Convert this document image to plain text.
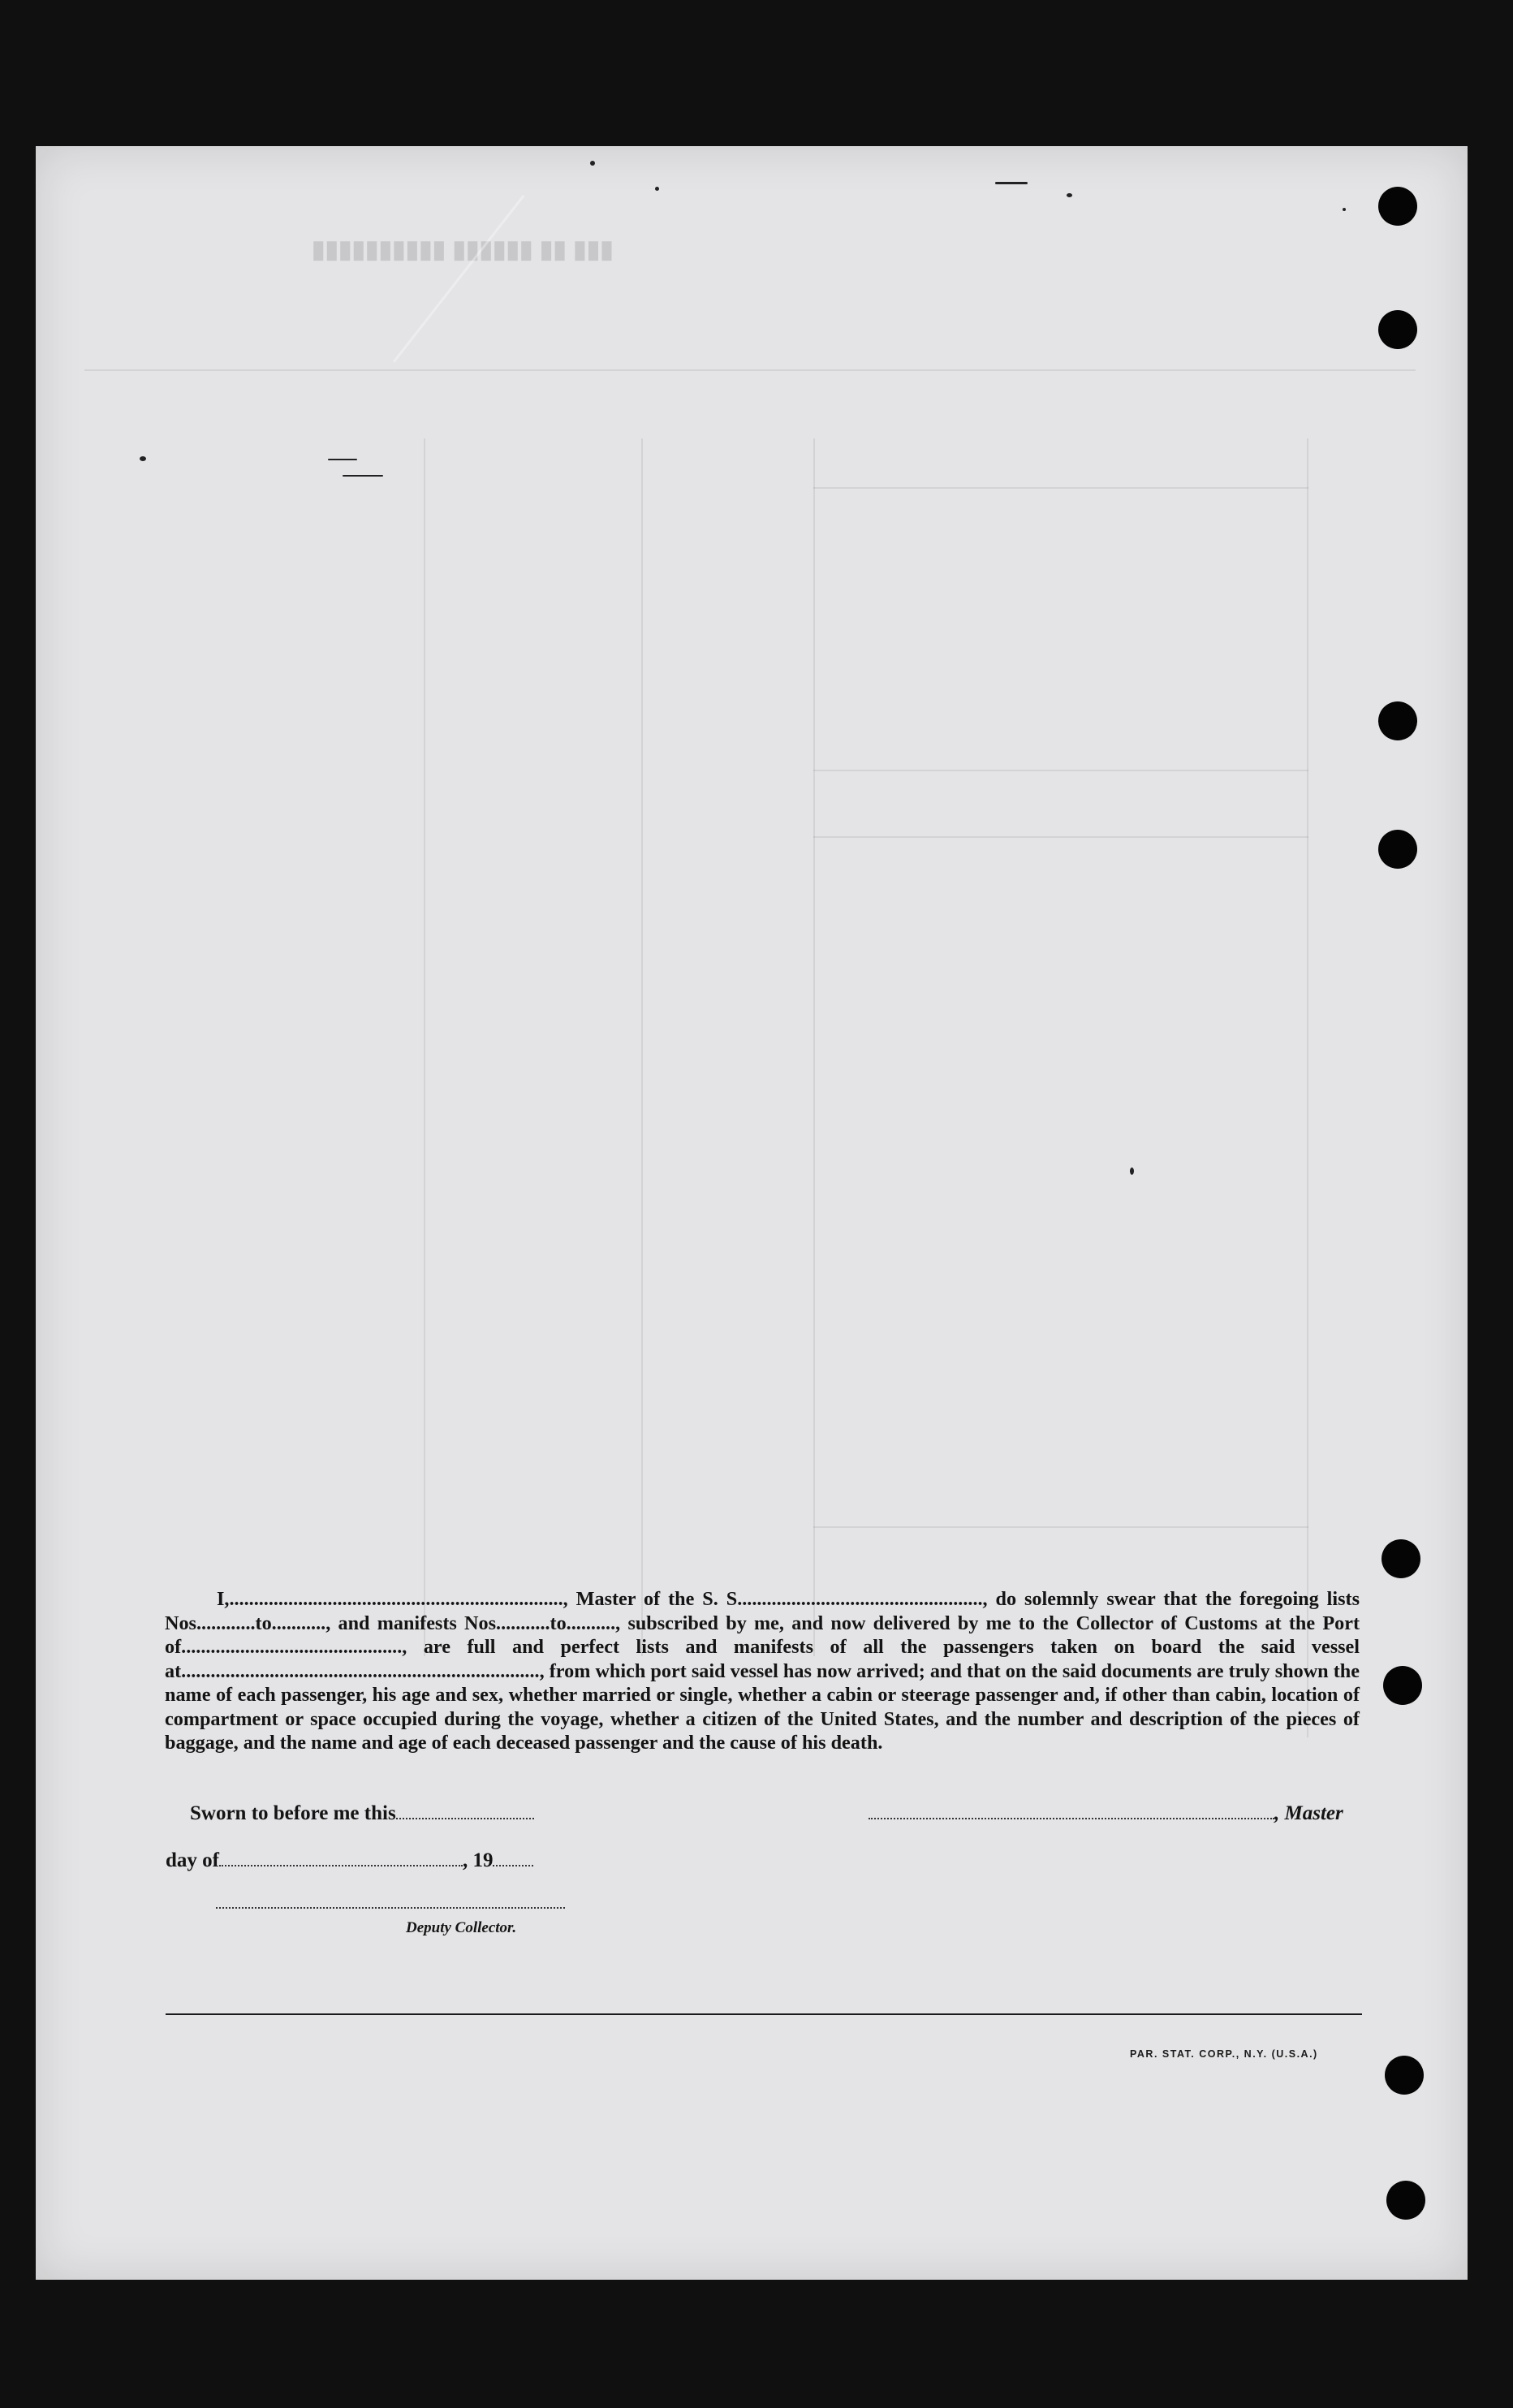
▮▮▮ ▮▮ ▮▮▮▮▮▮ ▮▮▮▮▮▮▮▮▮▮

I,...................................................................., Master of the S. S.................................................., do solemnly swear that the foregoing lists Nos............to..........., and manifests Nos...........to.........., subscribed by me, and now delivered by me to the Collector of Customs at the Port of............................................., are full and perfect lists and manifests of all the passengers taken on board the said vessel at........................................................................., from which port said vessel has now arrived; and that on the said documents are truly shown the name of each passenger, his age and sex, whether married or single, whether a cabin or steerage passenger and, if other than cabin, location of compartment or space occupied during the voyage, whether a citizen of the United States, and the number and description of the pieces of baggage, and the name and age of each deceased passenger and the cause of his death.

Sworn to before me this	, Master
day of	, 19
Deputy Collector.
PAR. STAT. CORP., N.Y. (U.S.A.)
